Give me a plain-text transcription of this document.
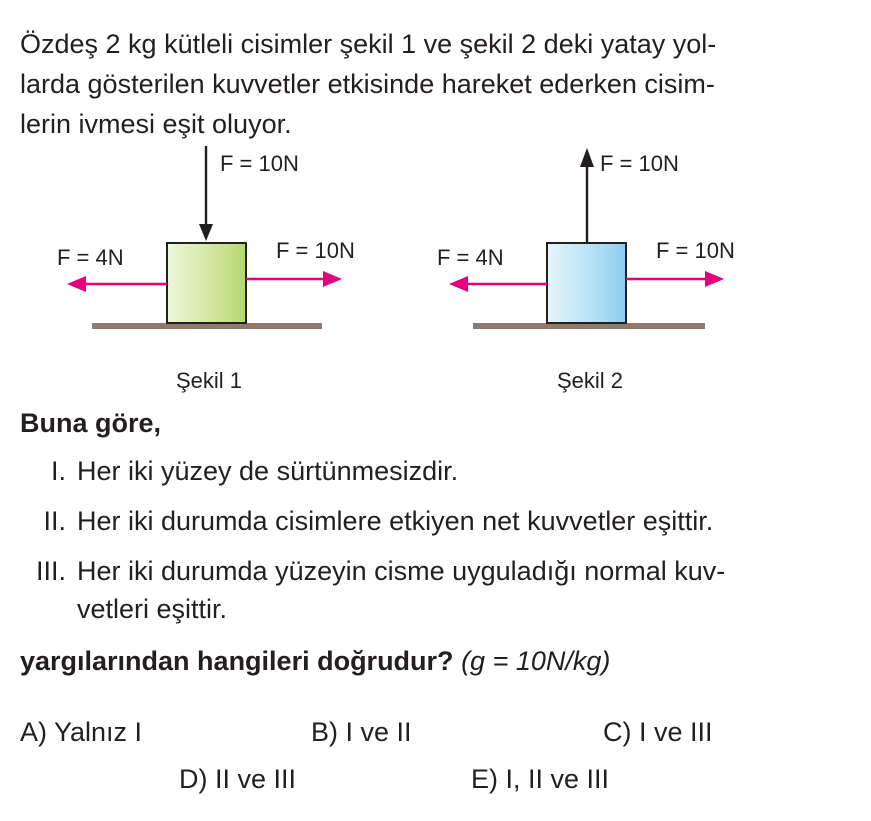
Özdeş 2 kg kütleli cisimler şekil 1 ve şekil 2 deki yatay yol-
larda gösterilen kuvvetler etkisinde hareket ederken cisim-
lerin ivmesi eşit oluyor.

F = 10N
F = 4N	F = 10N
Şekil 1
F = 10N
F = 4N	F = 10N
Şekil 2

Buna göre,

I. Her iki yüzey de sürtünmesizdir.
II. Her iki durumda cisimlere etkiyen net kuvvetler eşittir.
III. Her iki durumda yüzeyin cisme uyguladığı normal kuv-
vetleri eşittir.

yargılarından hangileri doğrudur? (g = 10N/kg)

A) Yalnız I	B) I ve II	C) I ve III
D) II ve III	E) I, II ve III
